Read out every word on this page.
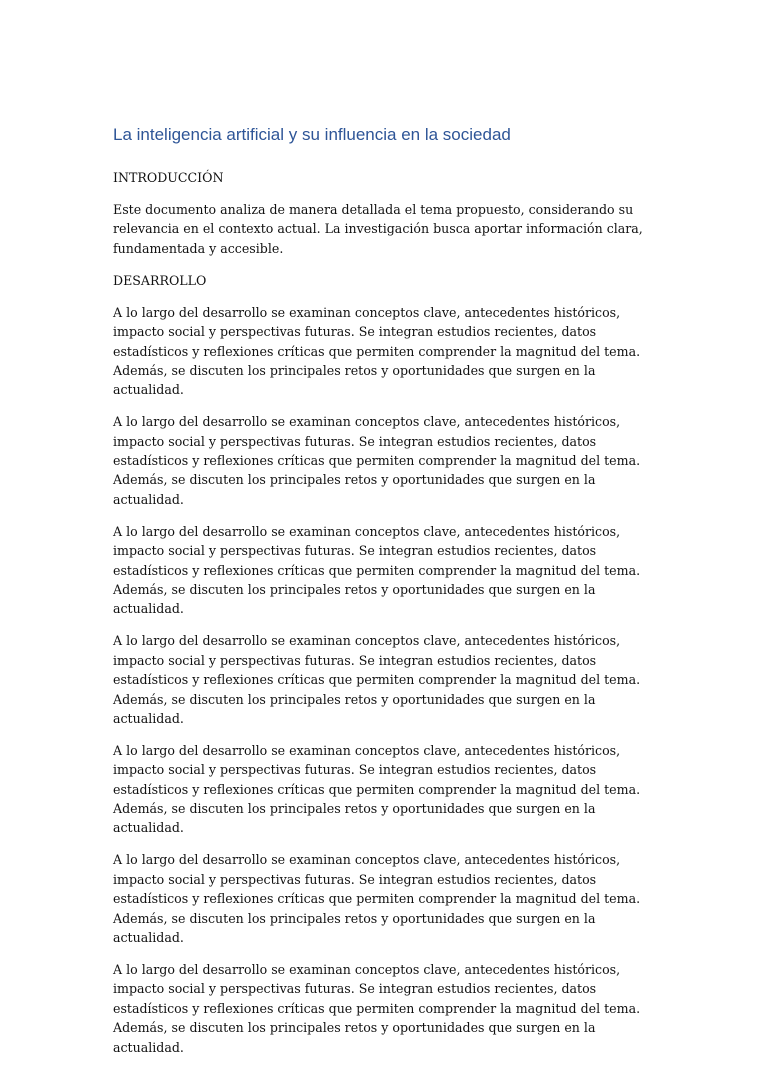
La inteligencia artificial y su influencia en la sociedad

INTRODUCCIÓN

Este documento analiza de manera detallada el tema propuesto, considerando su relevancia en el contexto actual. La investigación busca aportar información clara, fundamentada y accesible.

DESARROLLO

A lo largo del desarrollo se examinan conceptos clave, antecedentes históricos, impacto social y perspectivas futuras. Se integran estudios recientes, datos estadísticos y reflexiones críticas que permiten comprender la magnitud del tema. Además, se discuten los principales retos y oportunidades que surgen en la actualidad.

A lo largo del desarrollo se examinan conceptos clave, antecedentes históricos, impacto social y perspectivas futuras. Se integran estudios recientes, datos estadísticos y reflexiones críticas que permiten comprender la magnitud del tema. Además, se discuten los principales retos y oportunidades que surgen en la actualidad.

A lo largo del desarrollo se examinan conceptos clave, antecedentes históricos, impacto social y perspectivas futuras. Se integran estudios recientes, datos estadísticos y reflexiones críticas que permiten comprender la magnitud del tema. Además, se discuten los principales retos y oportunidades que surgen en la actualidad.

A lo largo del desarrollo se examinan conceptos clave, antecedentes históricos, impacto social y perspectivas futuras. Se integran estudios recientes, datos estadísticos y reflexiones críticas que permiten comprender la magnitud del tema. Además, se discuten los principales retos y oportunidades que surgen en la actualidad.

A lo largo del desarrollo se examinan conceptos clave, antecedentes históricos, impacto social y perspectivas futuras. Se integran estudios recientes, datos estadísticos y reflexiones críticas que permiten comprender la magnitud del tema. Además, se discuten los principales retos y oportunidades que surgen en la actualidad.

A lo largo del desarrollo se examinan conceptos clave, antecedentes históricos, impacto social y perspectivas futuras. Se integran estudios recientes, datos estadísticos y reflexiones críticas que permiten comprender la magnitud del tema. Además, se discuten los principales retos y oportunidades que surgen en la actualidad.

A lo largo del desarrollo se examinan conceptos clave, antecedentes históricos, impacto social y perspectivas futuras. Se integran estudios recientes, datos estadísticos y reflexiones críticas que permiten comprender la magnitud del tema. Además, se discuten los principales retos y oportunidades que surgen en la actualidad.
